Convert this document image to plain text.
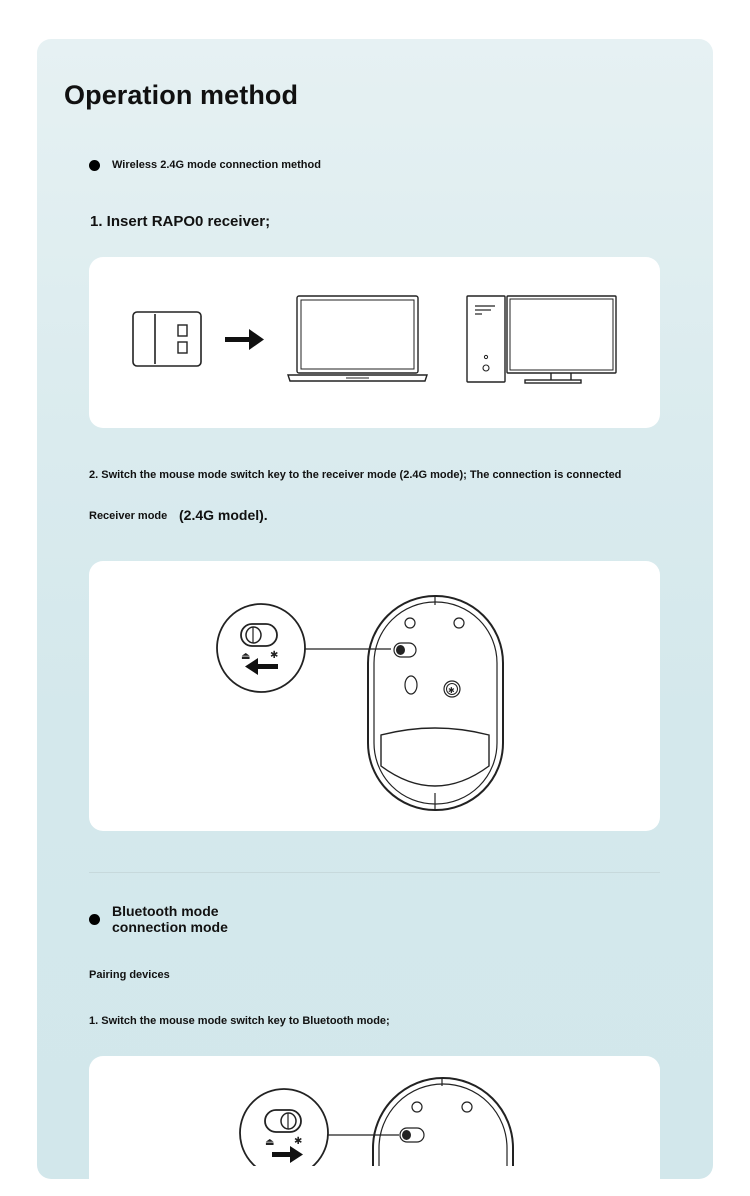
Operation method
Wireless 2.4G mode connection method
1. Insert RAPO0 receiver;
2. Switch the mouse mode switch key to the receiver mode (2.4G mode); The connection is connected
Receiver mode (2.4G model).
⏏ ✱
✱
Bluetooth mode
connection mode
Pairing devices
1. Switch the mouse mode switch key to Bluetooth mode;
⏏ ✱
